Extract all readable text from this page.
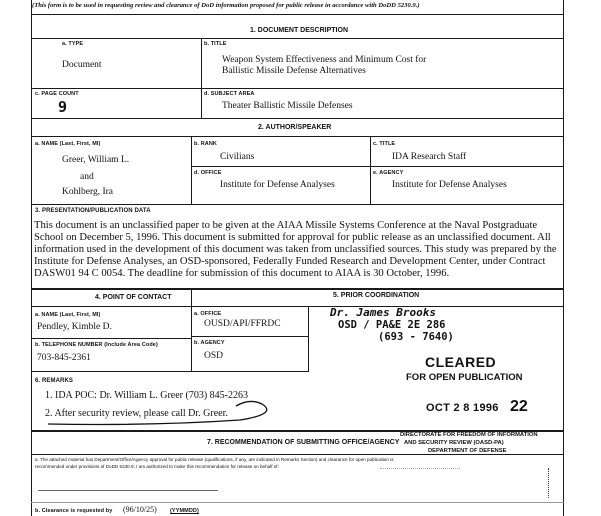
(This form is to be used in requesting review and clearance of DoD information proposed for public release in accordance with DoDD 5230.9.)
1. DOCUMENT DESCRIPTION
a. TYPE
Document
b. TITLE
Weapon System Effectiveness and Minimum Cost for
Ballistic Missile Defense Alternatives
c. PAGE COUNT
9
d. SUBJECT AREA
Theater Ballistic Missile Defenses
2. AUTHOR/SPEAKER
a. NAME (Last, First, MI)
Greer, William L.
and
Kohlberg, Ira
b. RANK
Civilians
c. TITLE
IDA Research Staff
d. OFFICE
Institute for Defense Analyses
e. AGENCY
Institute for Defense Analyses
3. PRESENTATION/PUBLICATION DATA
This document is an unclassified paper to be given at the AIAA Missile Systems Conference at the Naval Postgraduate
School on December 5, 1996. This document is submitted for approval for public release as an unclassified document. All
information used in the development of this document was taken from unclassified sources. This study was prepared by the
Institute for Defense Analyses, an OSD-sponsored, Federally Funded Research and Development Center, under Contract
DASW01 94 C 0054. The deadline for submission of this document to AIAA is 30 October, 1996.
4. POINT OF CONTACT	5. PRIOR COORDINATION
a. NAME (Last, First, MI)
Pendley, Kimble D.
b. TELEPHONE NUMBER (Include Area Code)
703-845-2361
a. OFFICE
OUSD/API/FFRDC
b. AGENCY
OSD
Dr. James Brooks
OSD / PA&E 2E 286
(693 - 7640)
CLEARED
FOR OPEN PUBLICATION
OCT 2 8 1996 22
6. REMARKS
1. IDA POC: Dr. William L. Greer (703) 845-2263
2. After security review, please call Dr. Greer.
7. RECOMMENDATION OF SUBMITTING OFFICE/AGENCY
DIRECTORATE FOR FREEDOM OF INFORMATION
AND SECURITY REVIEW (OASD-PA)
DEPARTMENT OF DEFENSE
a. The attached material has Department/Office/Agency approval for public release (qualifications, if any, are indicated in Remarks Section) and clearance for open publication is
recommended under provisions of DoDD 5230.9. I am authorized to make this recommendation for release on behalf of:
b. Clearance is requested by (96/10/25) (YYMMDD)
